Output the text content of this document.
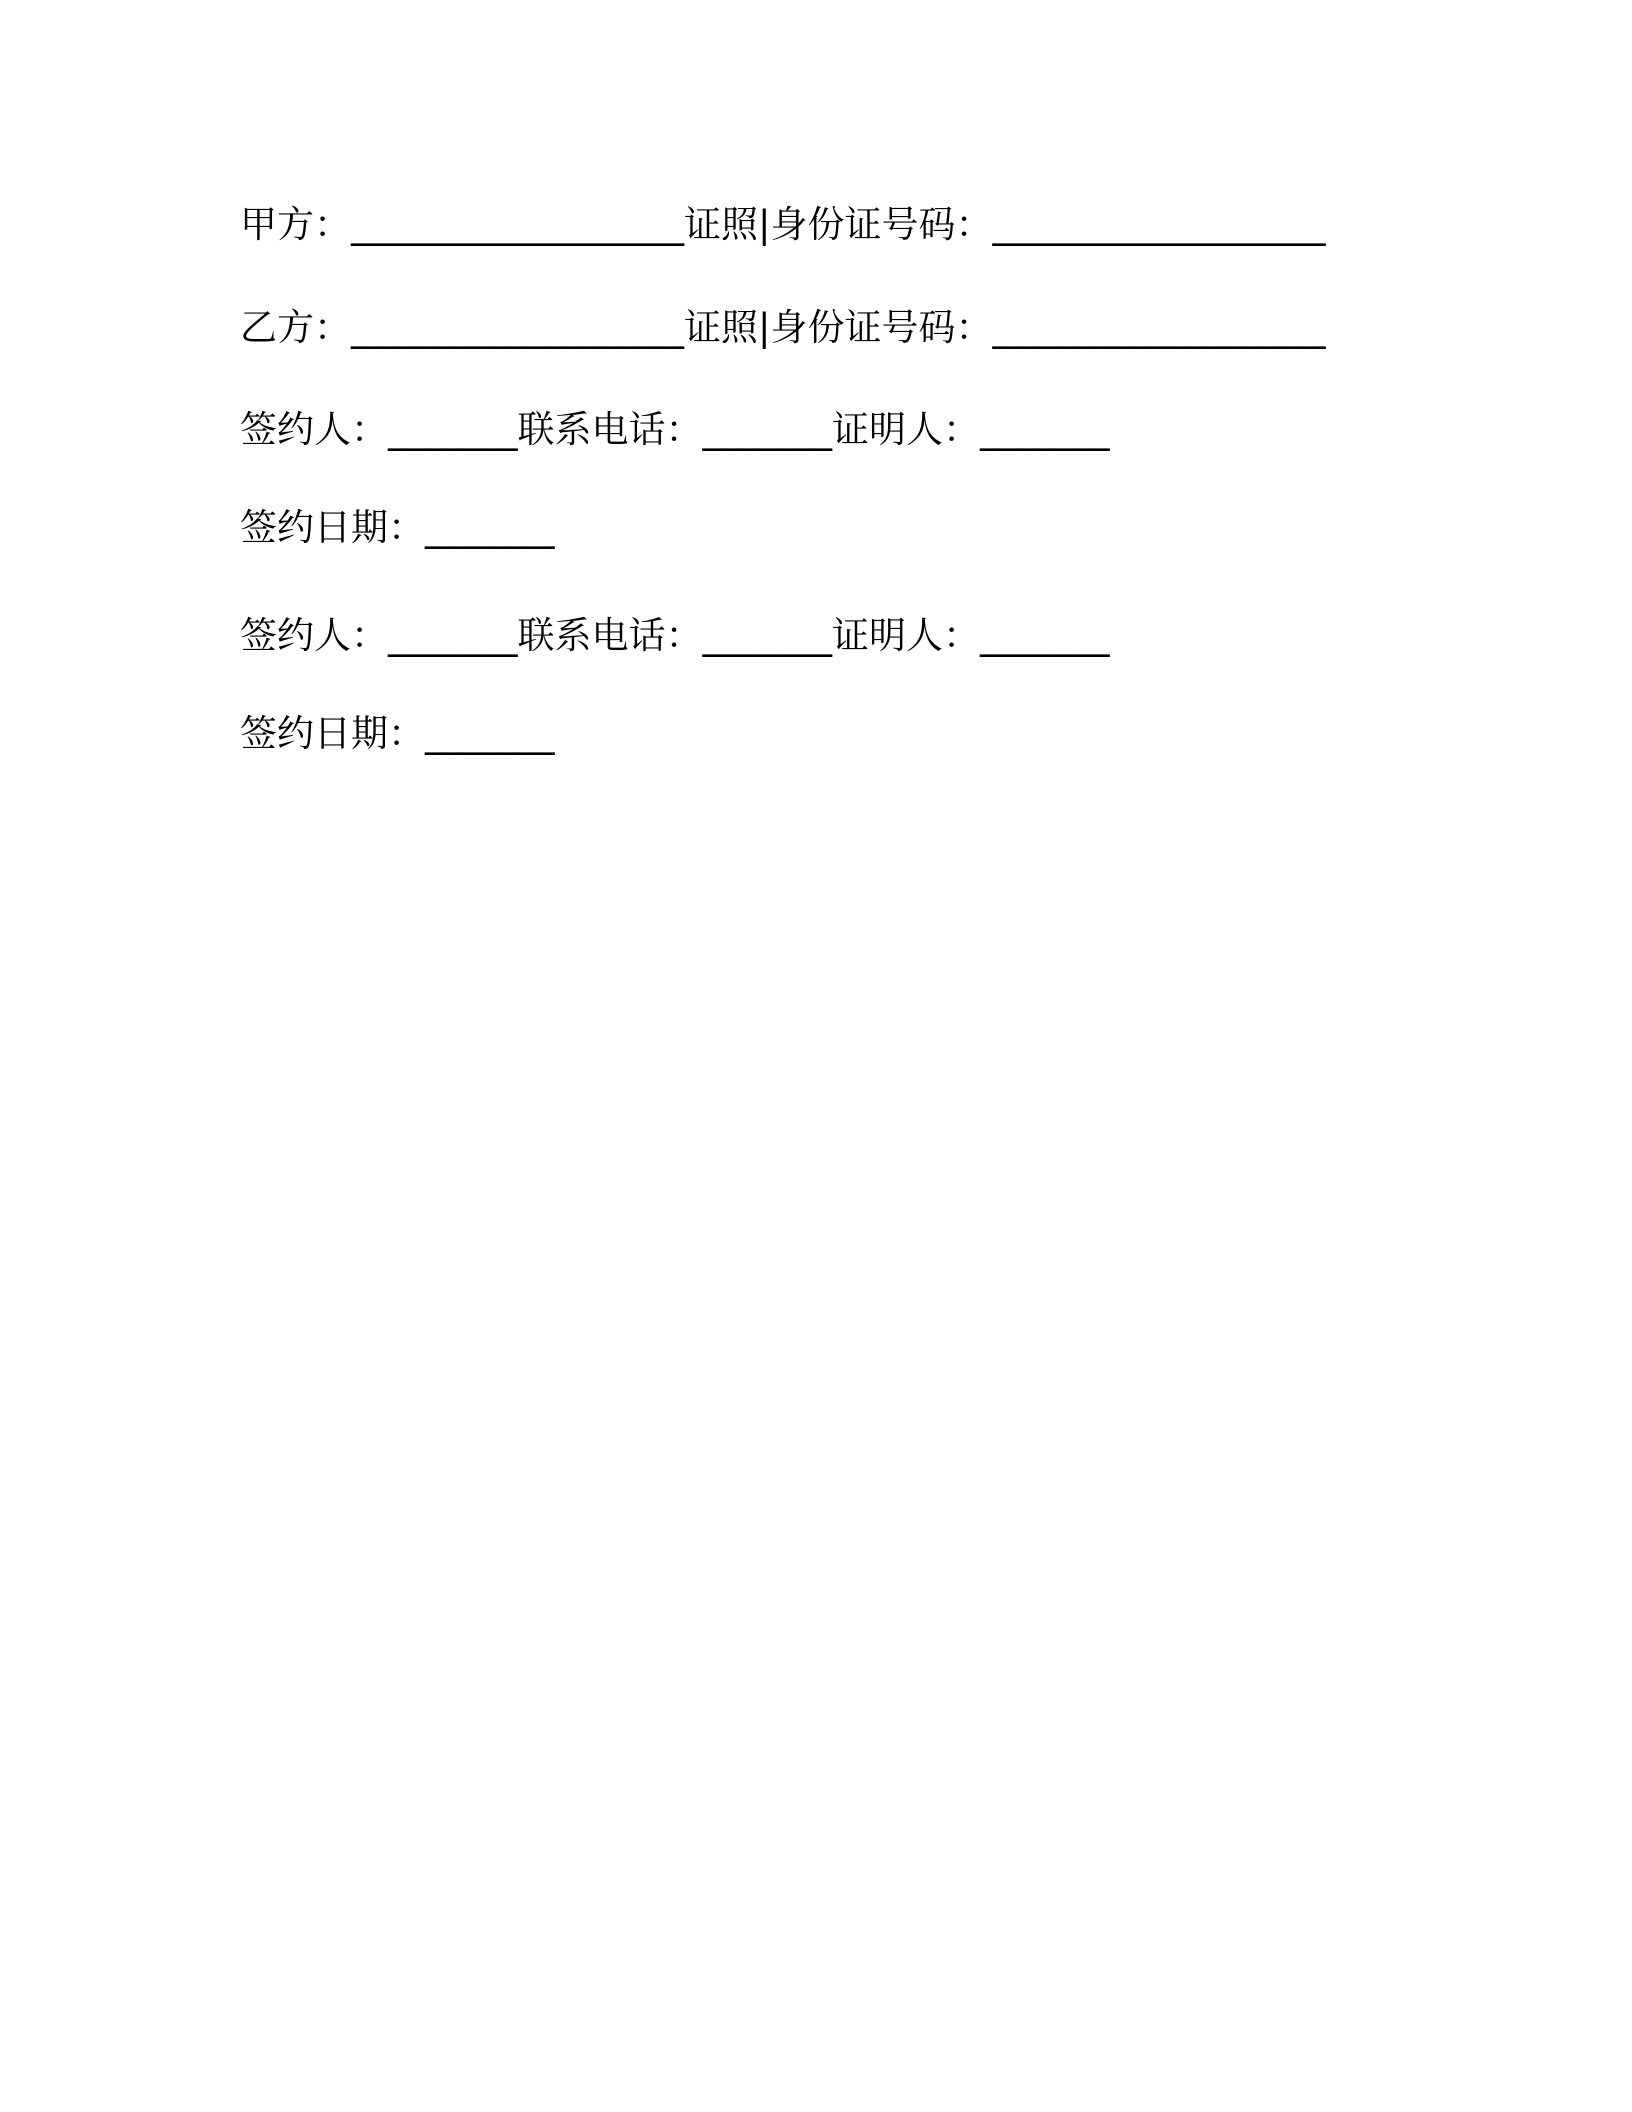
甲方：__________________证照|身份证号码：__________________
乙方：__________________证照|身份证号码：__________________
签约人：_______联系电话：_______证明人：_______
签约日期：_______
签约人：_______联系电话：_______证明人：_______
签约日期：_______
